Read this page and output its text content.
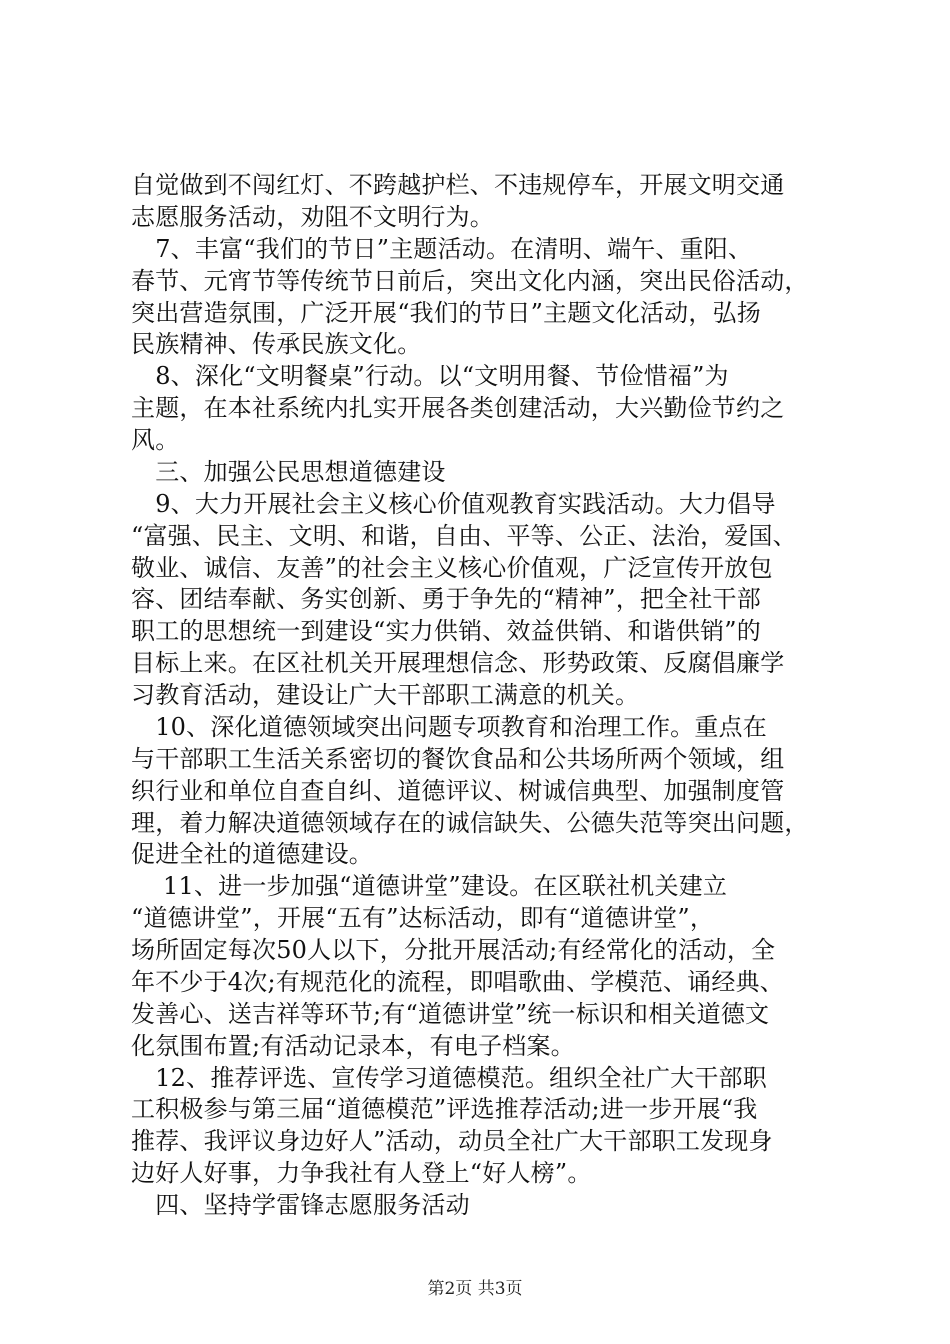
自觉做到不闯红灯、不跨越护栏、不违规停车，开展文明交通
志愿服务活动，劝阻不文明行为。
　7、丰富“我们的节日”主题活动。在清明、端午、重阳、
春节、元宵节等传统节日前后，突出文化内涵，突出民俗活动，
突出营造氛围，广泛开展“我们的节日”主题文化活动，弘扬
民族精神、传承民族文化。
　8、深化“文明餐桌”行动。以“文明用餐、节俭惜福”为
主题，在本社系统内扎实开展各类创建活动，大兴勤俭节约之
风。
　三、加强公民思想道德建设
　9、大力开展社会主义核心价值观教育实践活动。大力倡导
“富强、民主、文明、和谐，自由、平等、公正、法治，爱国、
敬业、诚信、友善”的社会主义核心价值观，广泛宣传开放包
容、团结奉献、务实创新、勇于争先的“精神”，把全社干部
职工的思想统一到建设“实力供销、效益供销、和谐供销”的
目标上来。在区社机关开展理想信念、形势政策、反腐倡廉学
习教育活动，建设让广大干部职工满意的机关。
　10、深化道德领域突出问题专项教育和治理工作。重点在
与干部职工生活关系密切的餐饮食品和公共场所两个领域，组
织行业和单位自查自纠、道德评议、树诚信典型、加强制度管
理，着力解决道德领域存在的诚信缺失、公德失范等突出问题，
促进全社的道德建设。
　 11、进一步加强“道德讲堂”建设。在区联社机关建立
“道德讲堂”，开展“五有”达标活动，即有“道德讲堂”，
场所固定每次50人以下，分批开展活动;有经常化的活动，全
年不少于4次;有规范化的流程，即唱歌曲、学模范、诵经典、
发善心、送吉祥等环节;有“道德讲堂”统一标识和相关道德文
化氛围布置;有活动记录本，有电子档案。
　12、推荐评选、宣传学习道德模范。组织全社广大干部职
工积极参与第三届“道德模范”评选推荐活动;进一步开展“我
推荐、我评议身边好人”活动，动员全社广大干部职工发现身
边好人好事，力争我社有人登上“好人榜”。
　四、坚持学雷锋志愿服务活动
第2页 共3页
